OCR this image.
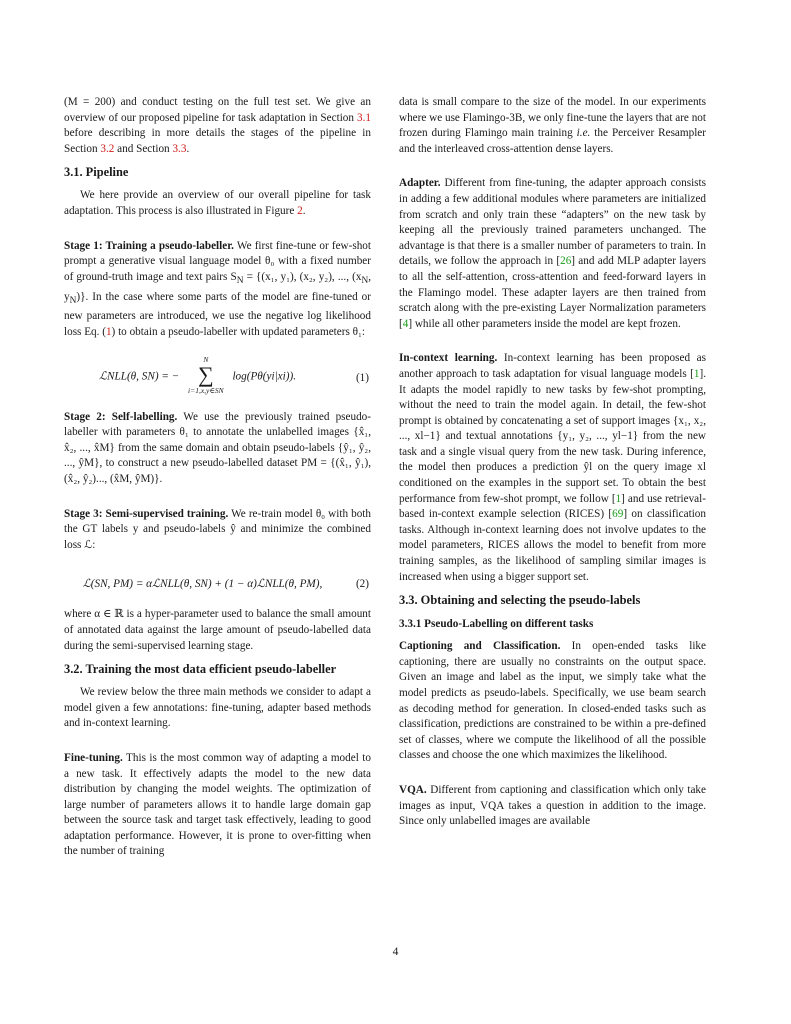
(M = 200) and conduct testing on the full test set. We give an overview of our proposed pipeline for task adaptation in Section 3.1 before describing in more details the stages of the pipeline in Section 3.2 and Section 3.3.

3.1. Pipeline

We here provide an overview of our overall pipeline for task adaptation. This process is also illustrated in Figure 2.

Stage 1: Training a pseudo-labeller. We first fine-tune or few-shot prompt a generative visual language model θ₀ with a fixed number of ground-truth image and text pairs $S_N = \{(x_1$, y₁), (x₂, y₂), ..., ($x_N$, $y_N$)}. In the case where some parts of the model are fine-tuned or new parameters are introduced, we use the negative log likelihood loss Eq. (1) to obtain a pseudo-labeller with updated parameters θ₁:

ℒNLL(θ, SN) = −
N
∑
i=1,x,y∈SN
log(Pθ(yi|xi)).	(1)

Stage 2: Self-labelling. We use the previously trained pseudo-labeller with parameters θ₁ to annotate the unlabelled images {x̂₁, x̂₂, ..., x̂M} from the same domain and obtain pseudo-labels {ŷ₁, ŷ₂, ..., ŷM}, to construct a new pseudo-labelled dataset PM = {(x̂₁, ŷ₁), (x̂₂, ŷ₂)..., (x̂M, ŷM)}.

Stage 3: Semi-supervised training. We re-train model θ₀ with both the GT labels y and pseudo-labels ŷ and minimize the combined loss ℒ:

ℒ(SN, PM) = αℒNLL(θ, SN) + (1 − α)ℒNLL(θ, PM),	(2)

where α ∈ ℝ is a hyper-parameter used to balance the small amount of annotated data against the large amount of pseudo-labelled data during the semi-supervised learning stage.

3.2. Training the most data efficient pseudo-labeller

We review below the three main methods we consider to adapt a model given a few annotations: fine-tuning, adapter based methods and in-context learning.

Fine-tuning. This is the most common way of adapting a model to a new task. It effectively adapts the model to the new data distribution by changing the model weights. The optimization of large number of parameters allows it to handle large domain gap between the source task and target task effectively, leading to good adaptation performance. However, it is prone to over-fitting when the number of training

data is small compare to the size of the model. In our experiments where we use Flamingo-3B, we only fine-tune the layers that are not frozen during Flamingo main training i.e. the Perceiver Resampler and the interleaved cross-attention dense layers.

Adapter. Different from fine-tuning, the adapter approach consists in adding a few additional modules where parameters are initialized from scratch and only train these “adapters” on the new task by keeping all the previously trained parameters unchanged. The advantage is that there is a smaller number of parameters to train. In details, we follow the approach in [26] and add MLP adapter layers to all the self-attention, cross-attention and feed-forward layers in the Flamingo model. These adapter layers are then trained from scratch along with the pre-existing Layer Normalization parameters [4] while all other parameters inside the model are kept frozen.

In-context learning. In-context learning has been proposed as another approach to task adaptation for visual language models [1]. It adapts the model rapidly to new tasks by few-shot prompting, without the need to train the model again. In detail, the few-shot prompt is obtained by concatenating a set of support images {x₁, x₂, ..., xl−1} and textual annotations {y₁, y₂, ..., yl−1} from the new task and a single visual query from the new task. During inference, the model then produces a prediction ŷl on the query image xl conditioned on the examples in the support set. To obtain the best performance from few-shot prompt, we follow [1] and use retrieval-based in-context example selection (RICES) [69] on classification tasks. Although in-context learning does not involve updates to the model parameters, RICES allows the model to benefit from more training samples, as the likelihood of sampling similar images is increased when using a bigger support set.

3.3. Obtaining and selecting the pseudo-labels
3.3.1 Pseudo-Labelling on different tasks

Captioning and Classification. In open-ended tasks like captioning, there are usually no constraints on the output space. Given an image and label as the input, we simply take what the model predicts as pseudo-labels. Specifically, we use beam search as decoding method for generation. In closed-ended tasks such as classification, predictions are constrained to be within a pre-defined set of classes, where we compute the likelihood of all the possible classes and choose the one which maximizes the likelihood.

VQA. Different from captioning and classification which only take images as input, VQA takes a question in addition to the image. Since only unlabelled images are available

4
